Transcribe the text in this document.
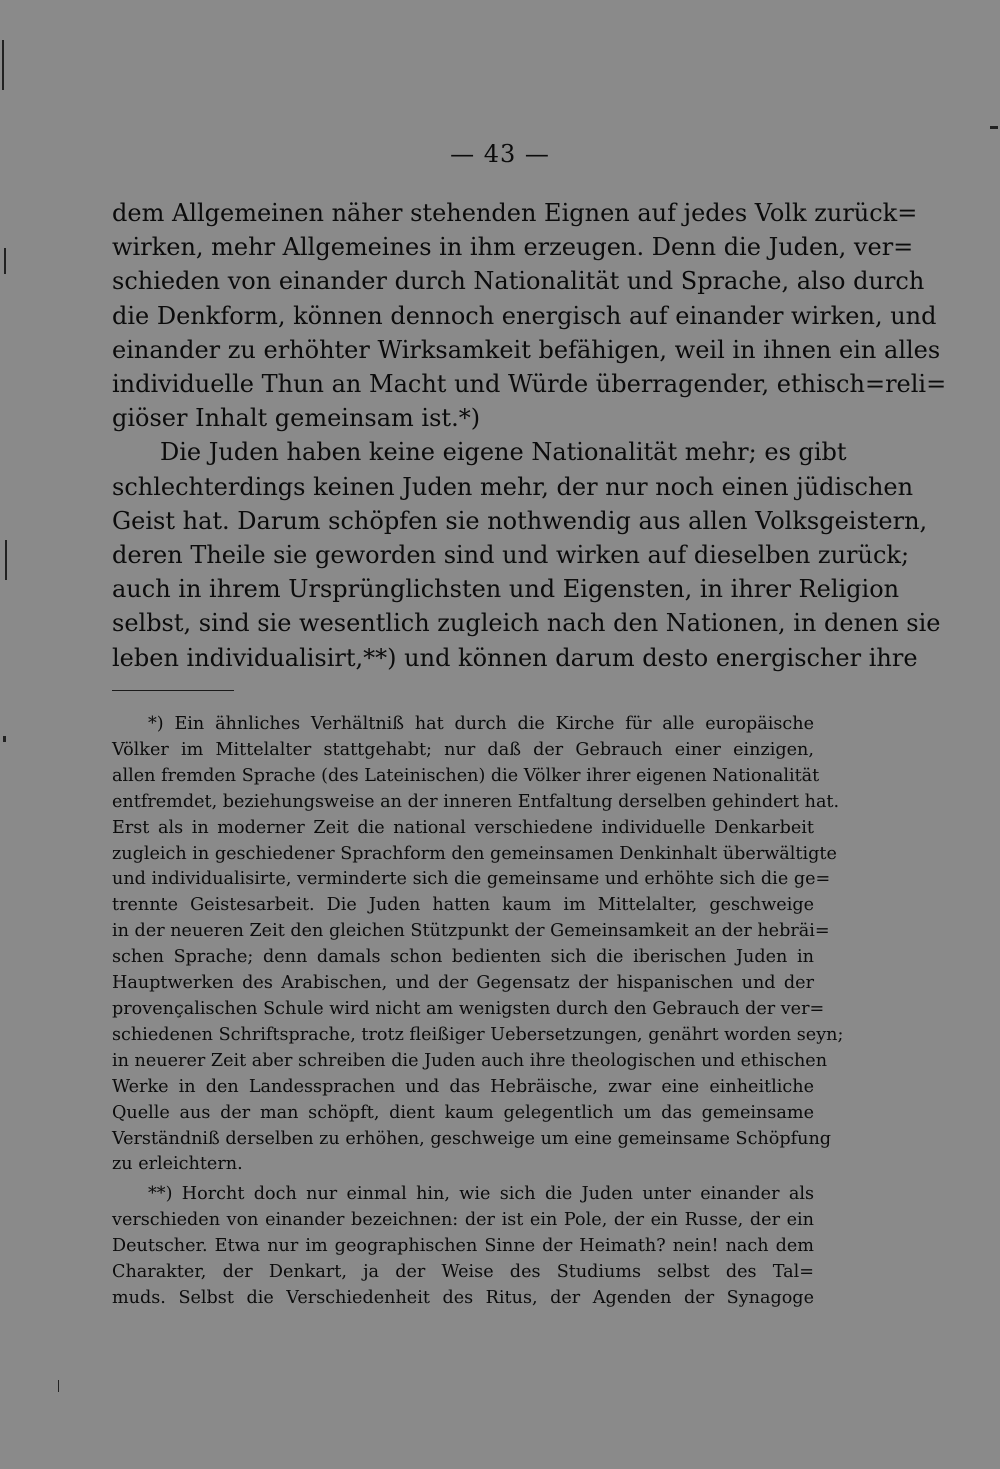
— 43 —
dem Allgemeinen näher stehenden Eignen auf jedes Volk zurück=
wirken, mehr Allgemeines in ihm erzeugen. Denn die Juden, ver=
schieden von einander durch Nationalität und Sprache, also durch
die Denkform, können dennoch energisch auf einander wirken, und
einander zu erhöhter Wirksamkeit befähigen, weil in ihnen ein alles
individuelle Thun an Macht und Würde überragender, ethisch=reli=
giöser Inhalt gemeinsam ist.*)
Die Juden haben keine eigene Nationalität mehr; es gibt
schlechterdings keinen Juden mehr, der nur noch einen jüdischen
Geist hat. Darum schöpfen sie nothwendig aus allen Volksgeistern,
deren Theile sie geworden sind und wirken auf dieselben zurück;
auch in ihrem Ursprünglichsten und Eigensten, in ihrer Religion
selbst, sind sie wesentlich zugleich nach den Nationen, in denen sie
leben individualisirt,**) und können darum desto energischer ihre
*) Ein ähnliches Verhältniß hat durch die Kirche für alle europäische
Völker im Mittelalter stattgehabt; nur daß der Gebrauch einer einzigen,
allen fremden Sprache (des Lateinischen) die Völker ihrer eigenen Nationalität
entfremdet, beziehungsweise an der inneren Entfaltung derselben gehindert hat.
Erst als in moderner Zeit die national verschiedene individuelle Denkarbeit
zugleich in geschiedener Sprachform den gemeinsamen Denkinhalt überwältigte
und individualisirte, verminderte sich die gemeinsame und erhöhte sich die ge=
trennte Geistesarbeit. Die Juden hatten kaum im Mittelalter, geschweige
in der neueren Zeit den gleichen Stützpunkt der Gemeinsamkeit an der hebräi=
schen Sprache; denn damals schon bedienten sich die iberischen Juden in
Hauptwerken des Arabischen, und der Gegensatz der hispanischen und der
provençalischen Schule wird nicht am wenigsten durch den Gebrauch der ver=
schiedenen Schriftsprache, trotz fleißiger Uebersetzungen, genährt worden seyn;
in neuerer Zeit aber schreiben die Juden auch ihre theologischen und ethischen
Werke in den Landessprachen und das Hebräische, zwar eine einheitliche
Quelle aus der man schöpft, dient kaum gelegentlich um das gemeinsame
Verständniß derselben zu erhöhen, geschweige um eine gemeinsame Schöpfung
zu erleichtern.
**) Horcht doch nur einmal hin, wie sich die Juden unter einander als
verschieden von einander bezeichnen: der ist ein Pole, der ein Russe, der ein
Deutscher. Etwa nur im geographischen Sinne der Heimath? nein! nach dem
Charakter, der Denkart, ja der Weise des Studiums selbst des Tal=
muds. Selbst die Verschiedenheit des Ritus, der Agenden der Synagoge
